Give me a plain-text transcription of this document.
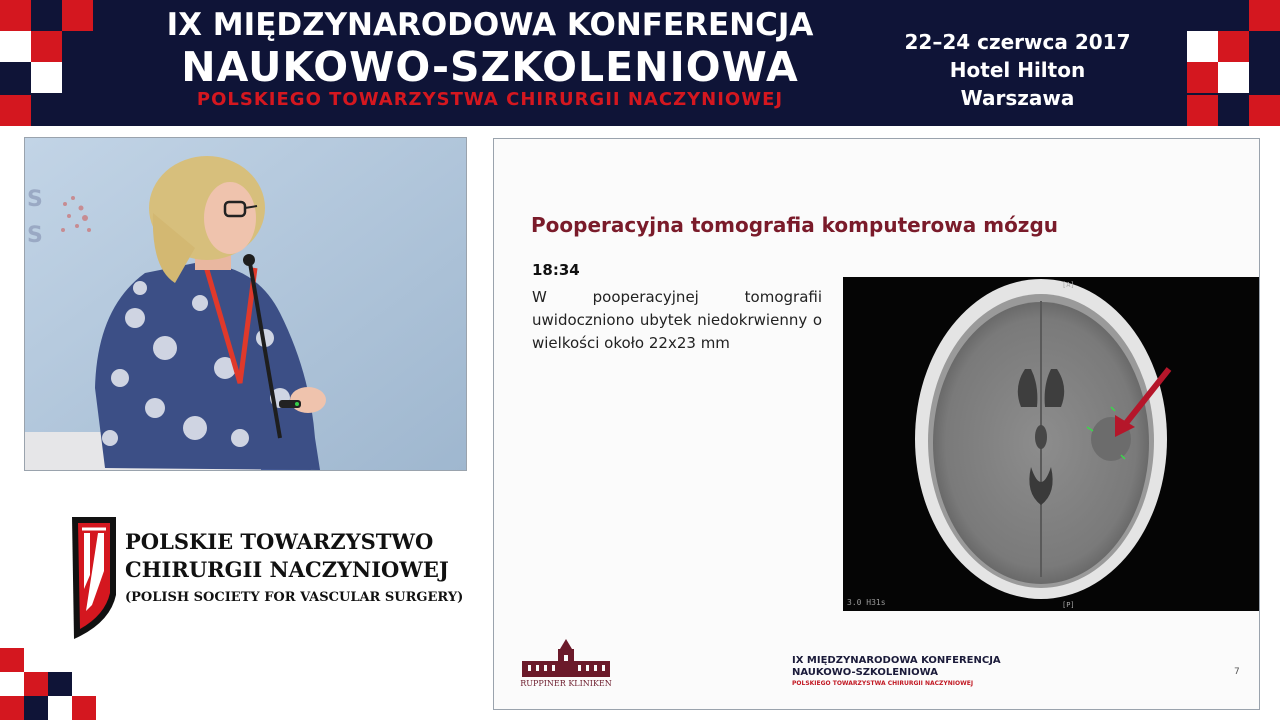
IX MIĘDZYNARODOWA KONFERENCJA
NAUKOWO-SZKOLENIOWA
POLSKIEGO TOWARZYSTWA CHIRURGII NACZYNIOWEJ
22–24 czerwca 2017
Hotel Hilton
Warszawa
S
S
POLSKIE TOWARZYSTWO
CHIRURGII NACZYNIOWEJ
(POLISH SOCIETY FOR VASCULAR SURGERY)
Pooperacyjna tomografia komputerowa mózgu
18:34
W pooperacyjnej tomografii uwidoczniono ubytek niedokrwienny o wielkości około 22x23 mm
[A]
[P]
3.0 H31s
RUPPINER KLINIKEN
IX MIĘDZYNARODOWA KONFERENCJA
NAUKOWO-SZKOLENIOWA
POLSKIEGO TOWARZYSTWA CHIRURGII NACZYNIOWEJ
7
